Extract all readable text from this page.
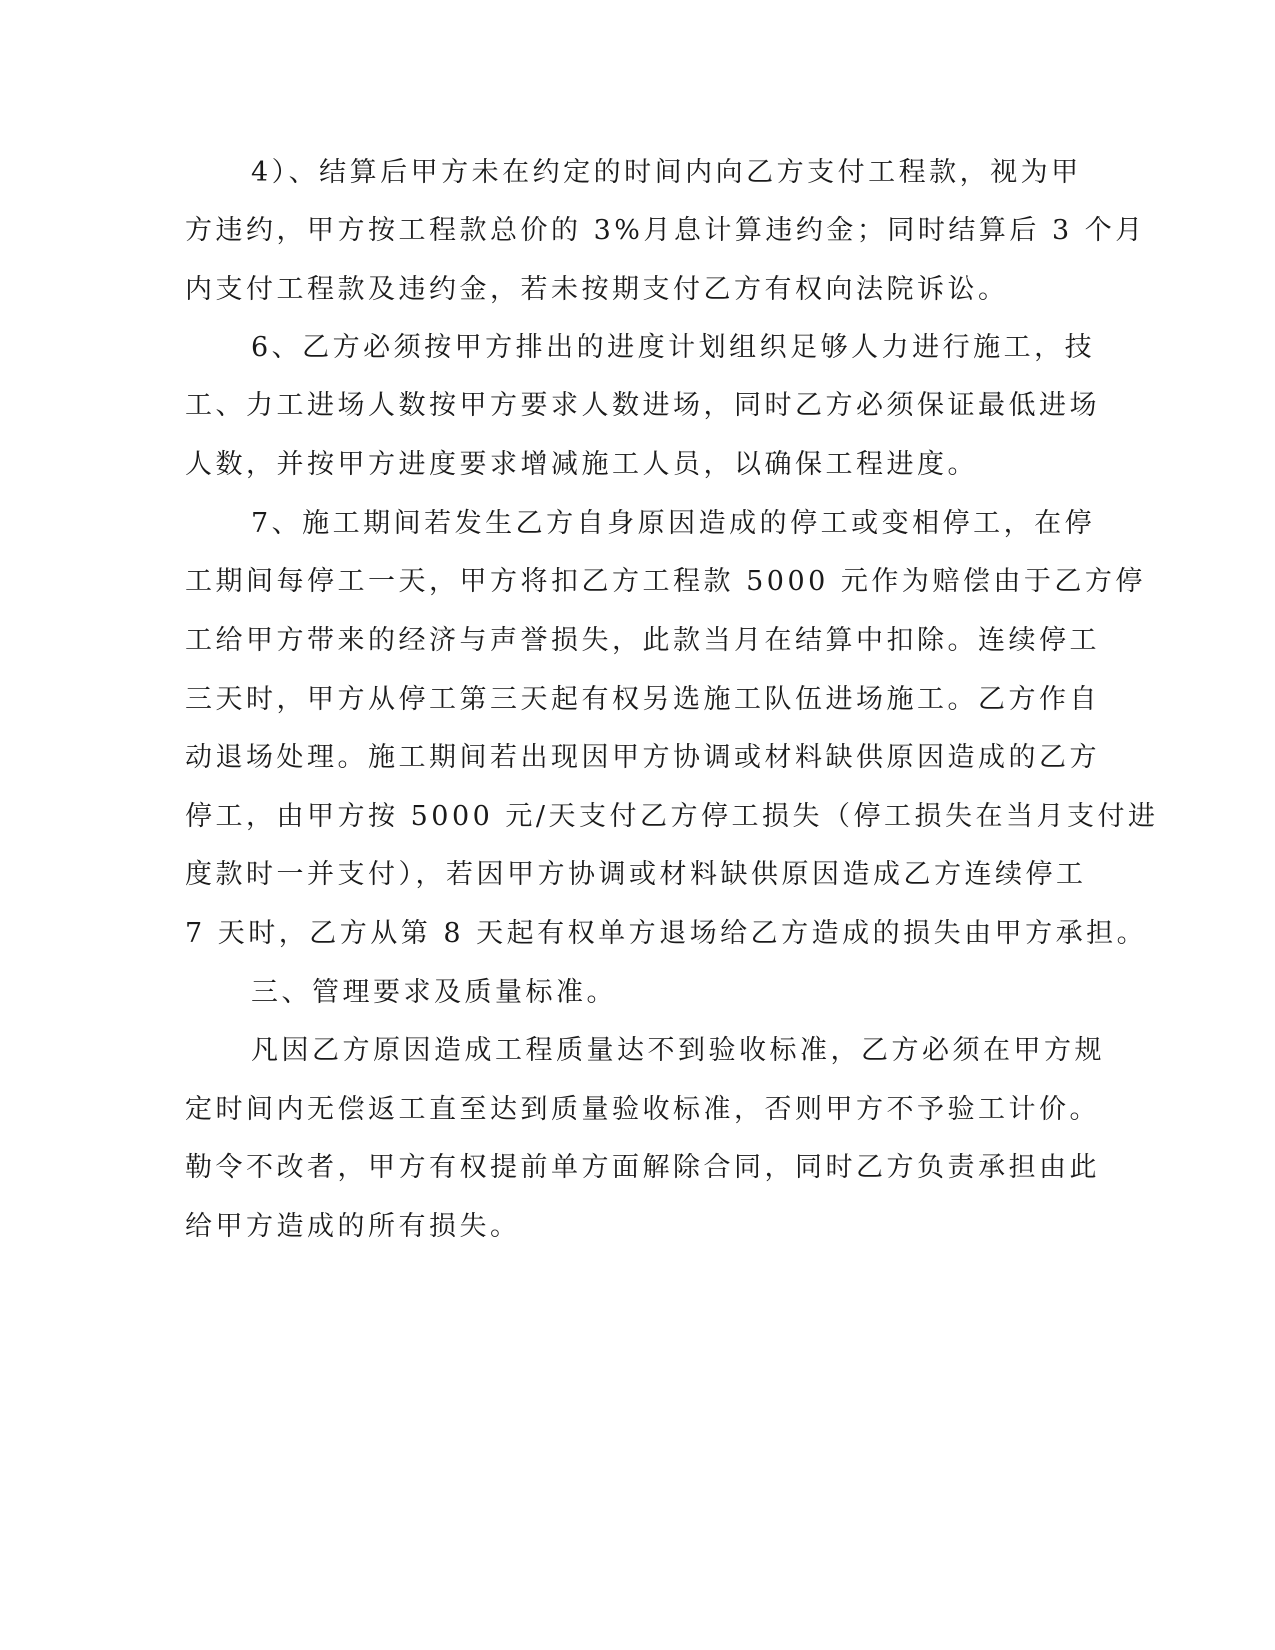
4）、结算后甲方未在约定的时间内向乙方支付工程款，视为甲
方违约，甲方按工程款总价的 3%月息计算违约金；同时结算后 3 个月
内支付工程款及违约金，若未按期支付乙方有权向法院诉讼。
6、乙方必须按甲方排出的进度计划组织足够人力进行施工，技
工、力工进场人数按甲方要求人数进场，同时乙方必须保证最低进场
人数，并按甲方进度要求增减施工人员，以确保工程进度。
7、施工期间若发生乙方自身原因造成的停工或变相停工，在停
工期间每停工一天，甲方将扣乙方工程款 5000 元作为赔偿由于乙方停
工给甲方带来的经济与声誉损失，此款当月在结算中扣除。连续停工
三天时，甲方从停工第三天起有权另选施工队伍进场施工。乙方作自
动退场处理。施工期间若出现因甲方协调或材料缺供原因造成的乙方
停工，由甲方按 5000 元/天支付乙方停工损失（停工损失在当月支付进
度款时一并支付），若因甲方协调或材料缺供原因造成乙方连续停工
7 天时，乙方从第 8 天起有权单方退场给乙方造成的损失由甲方承担。
三、管理要求及质量标准。
凡因乙方原因造成工程质量达不到验收标准，乙方必须在甲方规
定时间内无偿返工直至达到质量验收标准，否则甲方不予验工计价。
勒令不改者，甲方有权提前单方面解除合同，同时乙方负责承担由此
给甲方造成的所有损失。
